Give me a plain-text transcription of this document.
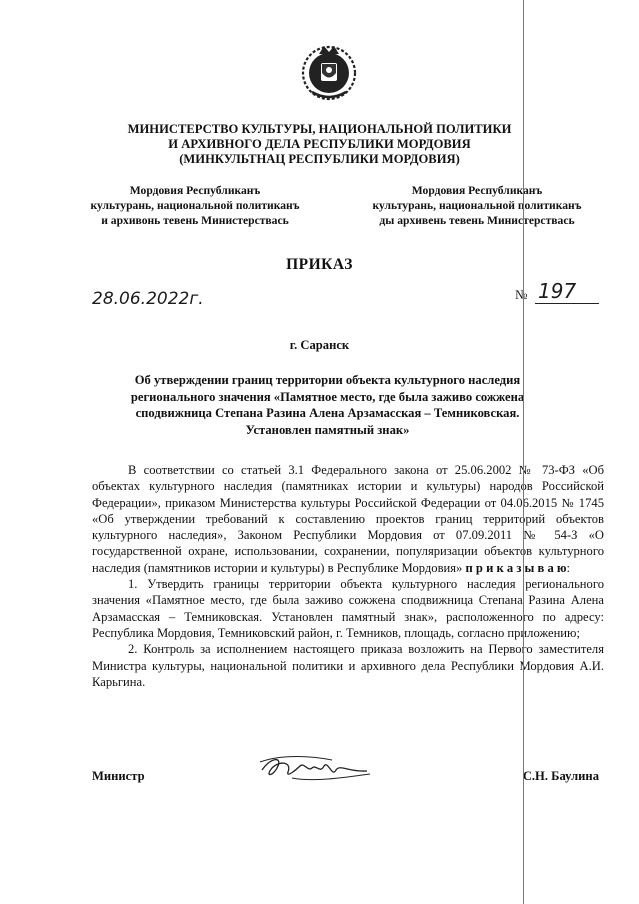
МИНИСТЕРСТВО КУЛЬТУРЫ, НАЦИОНАЛЬНОЙ ПОЛИТИКИ
И АРХИВНОГО ДЕЛА РЕСПУБЛИКИ МОРДОВИЯ
(МИНКУЛЬТНАЦ РЕСПУБЛИКИ МОРДОВИЯ)
Мордовия Республиканъ
культурань, национальной политиканъ
и архивонь тевень Министерствась
Мордовия Республиканъ
культурань, национальной политиканъ
ды архивень тевень Министерствась
ПРИКАЗ
28.06.2022г.	№ 197
г. Саранск
Об утверждении границ территории объекта культурного наследия
регионального значения «Памятное место, где была заживо сожжена
сподвижница Степана Разина Алена Арзамасская – Темниковская.
Установлен памятный знак»

В соответствии со статьей 3.1 Федерального закона от 25.06.2002 № 73-ФЗ «Об объектах культурного наследия (памятниках истории и культуры) народов Российской Федерации», приказом Министерства культуры Российской Федерации от 04.06.2015 № 1745 «Об утверждении требований к составлению проектов границ территорий объектов культурного наследия», Законом Республики Мордовия от 07.09.2011 № 54-З «О государственной охране, использовании, сохранении, популяризации объектов культурного наследия (памятников истории и культуры) в Республике Мордовия» п р и к а з ы в а ю:

1. Утвердить границы территории объекта культурного наследия регионального значения «Памятное место, где была заживо сожжена сподвижница Степана Разина Алена Арзамасская – Темниковская. Установлен памятный знак», расположенного по адресу: Республика Мордовия, Темниковский район, г. Темников, площадь, согласно приложению;

2. Контроль за исполнением настоящего приказа возложить на Первого заместителя Министра культуры, национальной политики и архивного дела Республики Мордовия А.И. Карьгина.

Министр	С.Н. Баулина
